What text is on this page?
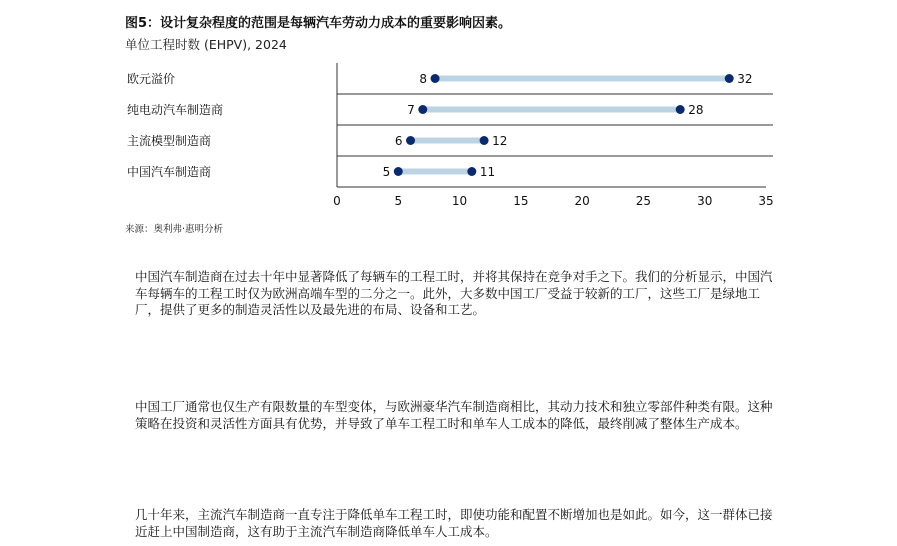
图5：设计复杂程度的范围是每辆汽车劳动力成本的重要影响因素。
单位工程时数 (EHPV), 2024
欧元溢价	8	32
纯电动汽车制造商	7	28
主流模型制造商	6	12
中国汽车制造商	5	11
0	5	10	15	20	25	30	35
来源：奥利弗·惠明分析

中国汽车制造商在过去十年中显著降低了每辆车的工程工时，并将其保持在竞争对手之下。我们的分析显示，中国汽车每辆车的工程工时仅为欧洲高端车型的二分之一。此外，大多数中国工厂受益于较新的工厂，这些工厂是绿地工厂，提供了更多的制造灵活性以及最先进的布局、设备和工艺。

中国工厂通常也仅生产有限数量的车型变体，与欧洲豪华汽车制造商相比，其动力技术和独立零部件种类有限。这种策略在投资和灵活性方面具有优势，并导致了单车工程工时和单车人工成本的降低，最终削减了整体生产成本。

几十年来，主流汽车制造商一直专注于降低单车工程工时，即使功能和配置不断增加也是如此。如今，这一群体已接近赶上中国制造商，这有助于主流汽车制造商降低单车人工成本。
